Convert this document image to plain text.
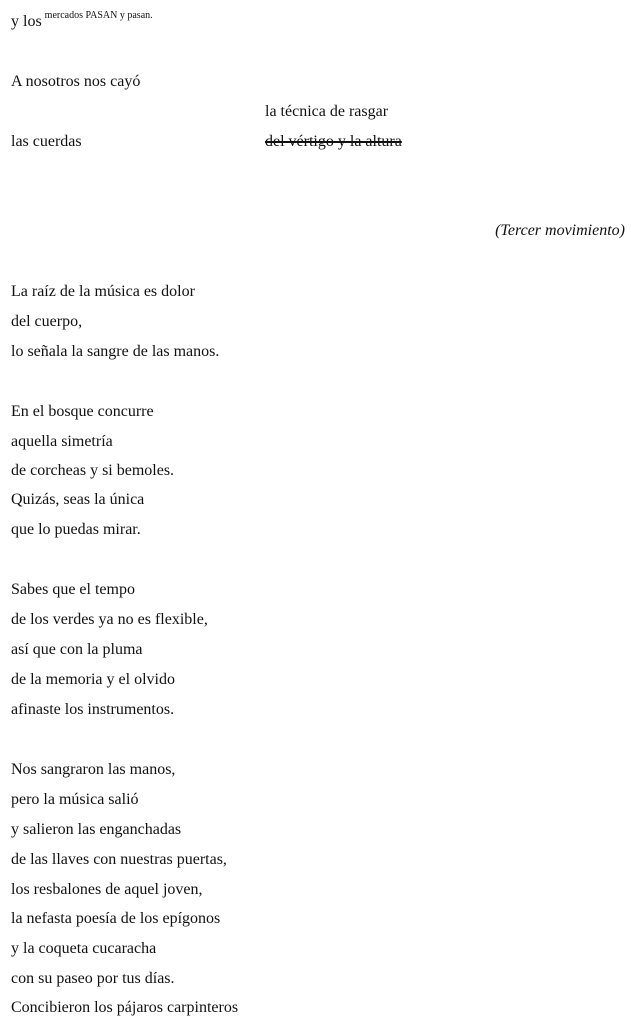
y los $^{mercados PASAN y pasan.}$
A nosotros nos cayó
la técnica de rasgar
las cuerdas	del vértigo y la altura
(Tercer movimiento)
La raíz de la música es dolor
del cuerpo,
lo señala la sangre de las manos.
En el bosque concurre
aquella simetría
de corcheas y si bemoles.
Quizás, seas la única
que lo puedas mirar.
Sabes que el tempo
de los verdes ya no es flexible,
así que con la pluma
de la memoria y el olvido
afinaste los instrumentos.
Nos sangraron las manos,
pero la música salió
y salieron las enganchadas
de las llaves con nuestras puertas,
los resbalones de aquel joven,
la nefasta poesía de los epígonos
y la coqueta cucaracha
con su paseo por tus días.
Concibieron los pájaros carpinteros
